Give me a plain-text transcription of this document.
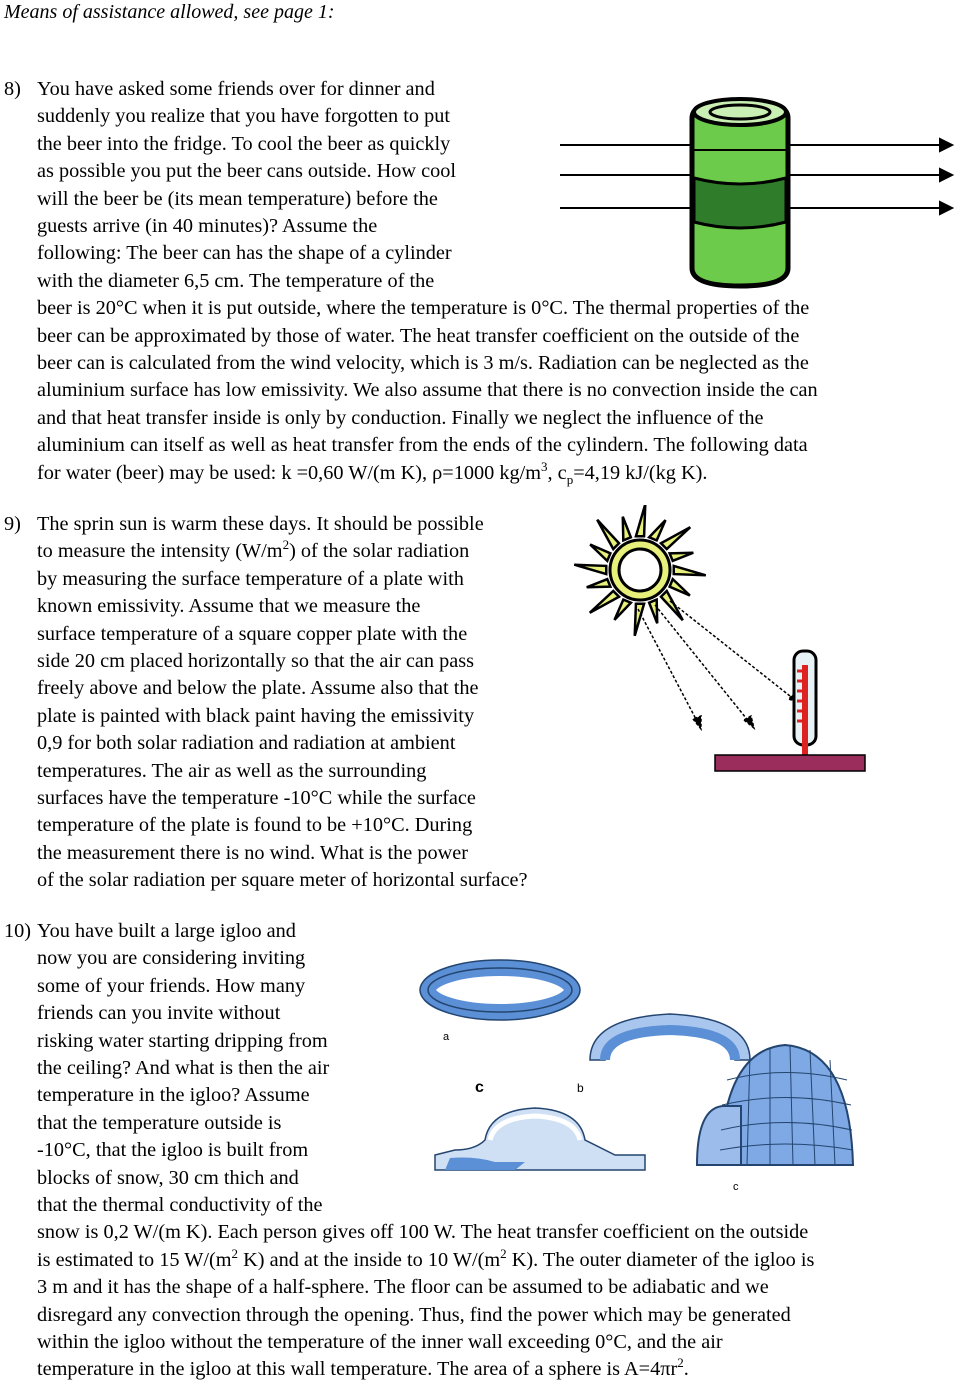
Means of assistance allowed, see page 1:
8) You have asked some friends over for dinner and
suddenly you realize that you have forgotten to put
the beer into the fridge. To cool the beer as quickly
as possible you put the beer cans outside. How cool
will the beer be (its mean temperature) before the
guests arrive (in 40 minutes)? Assume the
following: The beer can has the shape of a cylinder
with the diameter 6,5 cm. The temperature of the
beer is 20°C when it is put outside, where the temperature is 0°C. The thermal properties of the
beer can be approximated by those of water. The heat transfer coefficient on the outside of the
beer can is calculated from the wind velocity, which is 3 m/s. Radiation can be neglected as the
aluminium surface has low emissivity. We also assume that there is no convection inside the can
and that heat transfer inside is only by conduction. Finally we neglect the influence of the
aluminium can itself as well as heat transfer from the ends of the cylindern. The following data
for water (beer) may be used: k =0,60 W/(m K), ρ=1000 $kg/m^3$, $c_p=4,19$ kJ/(kg K).
9) The sprin sun is warm these days. It should be possible
to measure the intensity $(W/m^2)$ of the solar radiation
by measuring the surface temperature of a plate with
known emissivity. Assume that we measure the
surface temperature of a square copper plate with the
side 20 cm placed horizontally so that the air can pass
freely above and below the plate. Assume also that the
plate is painted with black paint having the emissivity
0,9 for both solar radiation and radiation at ambient
temperatures. The air as well as the surrounding
surfaces have the temperature -10°C while the surface
temperature of the plate is found to be +10°C. During
the measurement there is no wind. What is the power
of the solar radiation per square meter of horizontal surface?
10) You have built a large igloo and
now you are considering inviting
some of your friends. How many
friends can you invite without
risking water starting dripping from
the ceiling? And what is then the air
temperature in the igloo? Assume
that the temperature outside is
-10°C, that the igloo is built from
blocks of snow, 30 cm thich and
that the thermal conductivity of the
snow is 0,2 W/(m K). Each person gives off 100 W. The heat transfer coefficient on the outside
is estimated to 15 $W/(m^2$ K) and at the inside to 10 $W/(m^2$ K). The outer diameter of the igloo is
3 m and it has the shape of a half-sphere. The floor can be assumed to be adiabatic and we
disregard any convection through the opening. Thus, find the power which may be generated
within the igloo without the temperature of the inner wall exceeding 0°C, and the air
temperature in the igloo at this wall temperature. The area of a sphere is $A=4\pi r^2$.
a
b
c
c
